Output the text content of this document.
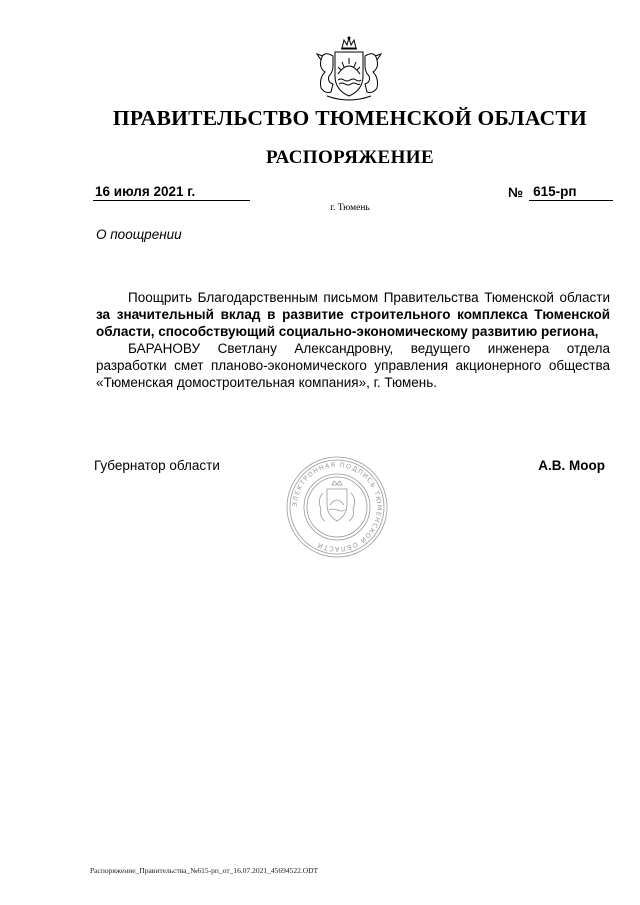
ПРАВИТЕЛЬСТВО ТЮМЕНСКОЙ ОБЛАСТИ
РАСПОРЯЖЕНИЕ
16 июля 2021 г.	№ 615-рп
г. Тюмень
О поощрении

Поощрить Благодарственным письмом Правительства Тюменской области за значительный вклад в развитие строительного комплекса Тюменской области, способствующий социально-экономическому развитию региона,

БАРАНОВУ Светлану Александровну, ведущего инженера отдела разработки смет планово-экономического управления акционерного общества «Тюменская домостроительная компания», г. Тюмень.

Губернатор области
ЭЛЕКТРОННАЯ ПОДПИСЬ ТЮМЕНСКОЙ ОБЛАСТИ
А.В. Моор
Распоряжение_Правительства_№615-рп_от_16.07.2021_45694522.ODT
